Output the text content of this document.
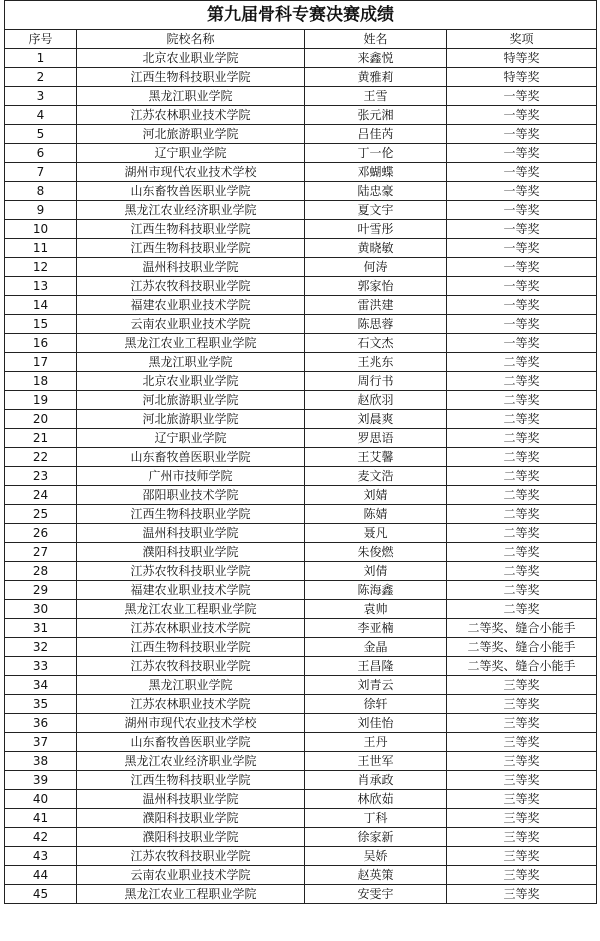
第九届骨科专赛决赛成绩			
序号	院校名称	姓名	奖项
1	北京农业职业学院	来鑫悦	特等奖
2	江西生物科技职业学院	黄雅莉	特等奖
3	黑龙江职业学院	王雪	一等奖
4	江苏农林职业技术学院	张元湘	一等奖
5	河北旅游职业学院	吕佳芮	一等奖
6	辽宁职业学院	丁一伦	一等奖
7	湖州市现代农业技术学校	邓蝴蝶	一等奖
8	山东畜牧兽医职业学院	陆忠豪	一等奖
9	黑龙江农业经济职业学院	夏文宇	一等奖
10	江西生物科技职业学院	叶雪彤	一等奖
11	江西生物科技职业学院	黄晓敏	一等奖
12	温州科技职业学院	何涛	一等奖
13	江苏农牧科技职业学院	郭家怡	一等奖
14	福建农业职业技术学院	雷洪建	一等奖
15	云南农业职业技术学院	陈思蓉	一等奖
16	黑龙江农业工程职业学院	石文杰	一等奖
17	黑龙江职业学院	王兆东	二等奖
18	北京农业职业学院	周行书	二等奖
19	河北旅游职业学院	赵欣羽	二等奖
20	河北旅游职业学院	刘晨爽	二等奖
21	辽宁职业学院	罗思语	二等奖
22	山东畜牧兽医职业学院	王艾馨	二等奖
23	广州市技师学院	麦文浩	二等奖
24	邵阳职业技术学院	刘婧	二等奖
25	江西生物科技职业学院	陈婧	二等奖
26	温州科技职业学院	聂凡	二等奖
27	濮阳科技职业学院	朱俊燃	二等奖
28	江苏农牧科技职业学院	刘倩	二等奖
29	福建农业职业技术学院	陈海鑫	二等奖
30	黑龙江农业工程职业学院	袁帅	二等奖
31	江苏农林职业技术学院	李亚楠	二等奖、缝合小能手
32	江西生物科技职业学院	金晶	二等奖、缝合小能手
33	江苏农牧科技职业学院	王昌隆	二等奖、缝合小能手
34	黑龙江职业学院	刘青云	三等奖
35	江苏农林职业技术学院	徐轩	三等奖
36	湖州市现代农业技术学校	刘佳怡	三等奖
37	山东畜牧兽医职业学院	王丹	三等奖
38	黑龙江农业经济职业学院	王世军	三等奖
39	江西生物科技职业学院	肖承政	三等奖
40	温州科技职业学院	林欣茹	三等奖
41	濮阳科技职业学院	丁科	三等奖
42	濮阳科技职业学院	徐家新	三等奖
43	江苏农牧科技职业学院	吴娇	三等奖
44	云南农业职业技术学院	赵英策	三等奖
45	黑龙江农业工程职业学院	安雯宇	三等奖
